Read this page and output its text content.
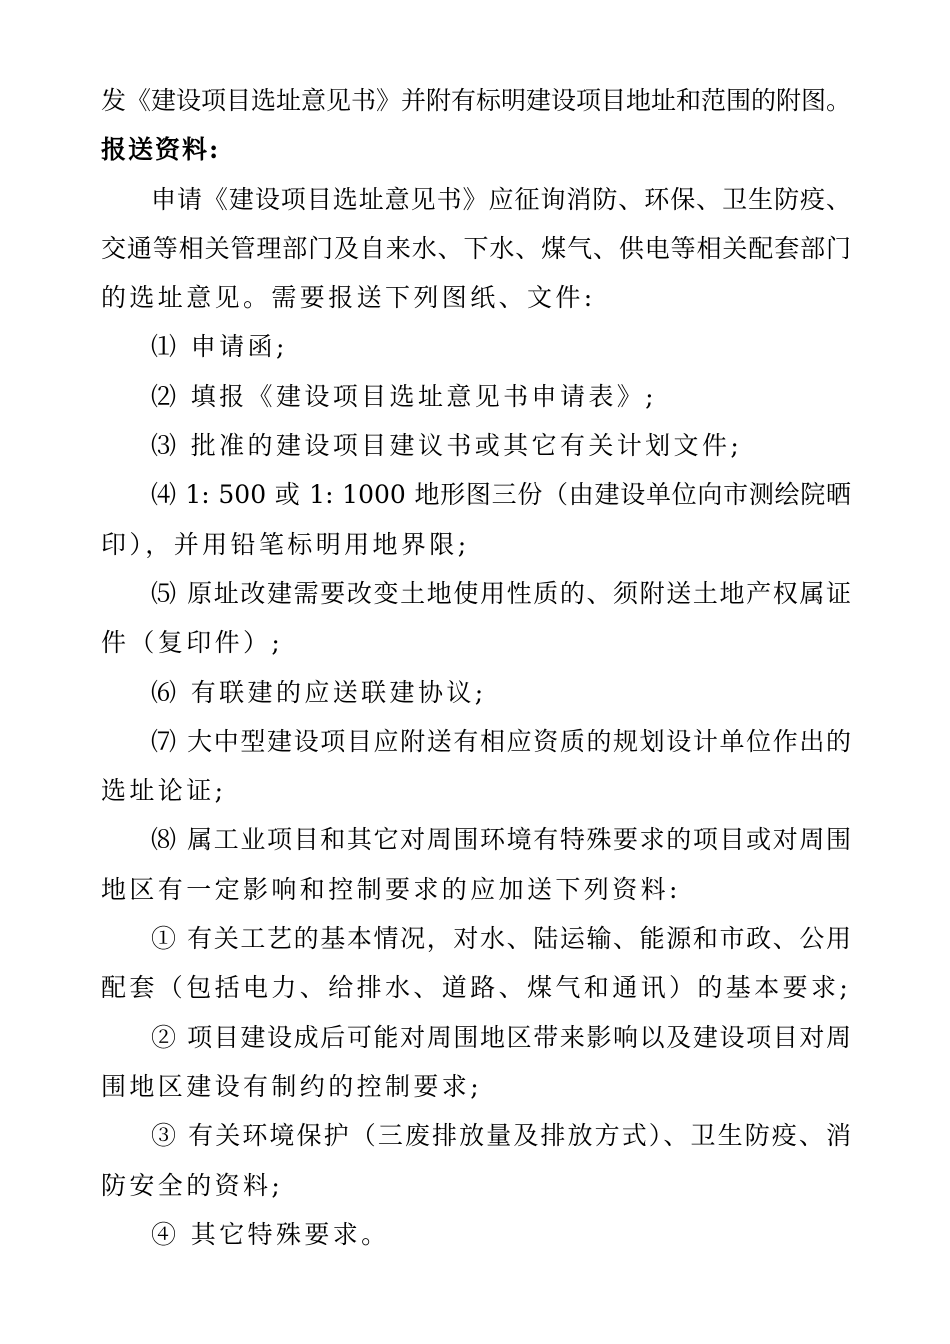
发《建设项目选址意见书》并附有标明建设项目地址和范围的附图。
报送资料:
申请《建设项目选址意见书》应征询消防、环保、卫生防疫、
交通等相关管理部门及自来水、下水、煤气、供电等相关配套部门
的选址意见。需要报送下列图纸、文件:
⑴ 申请函;
⑵ 填报《建设项目选址意见书申请表》;
⑶ 批准的建设项目建议书或其它有关计划文件;
⑷ 1: 500 或 1: 1000 地形图三份（由建设单位向市测绘院晒
印），并用铅笔标明用地界限;
⑸ 原址改建需要改变土地使用性质的、须附送土地产权属证
件（复印件）;
⑹ 有联建的应送联建协议;
⑺ 大中型建设项目应附送有相应资质的规划设计单位作出的
选址论证;
⑻ 属工业项目和其它对周围环境有特殊要求的项目或对周围
地区有一定影响和控制要求的应加送下列资料:
① 有关工艺的基本情况，对水、陆运输、能源和市政、公用
配套（包括电力、给排水、道路、煤气和通讯）的基本要求;
② 项目建设成后可能对周围地区带来影响以及建设项目对周
围地区建设有制约的控制要求;
③ 有关环境保护（三废排放量及排放方式）、卫生防疫、消
防安全的资料;
④ 其它特殊要求。
